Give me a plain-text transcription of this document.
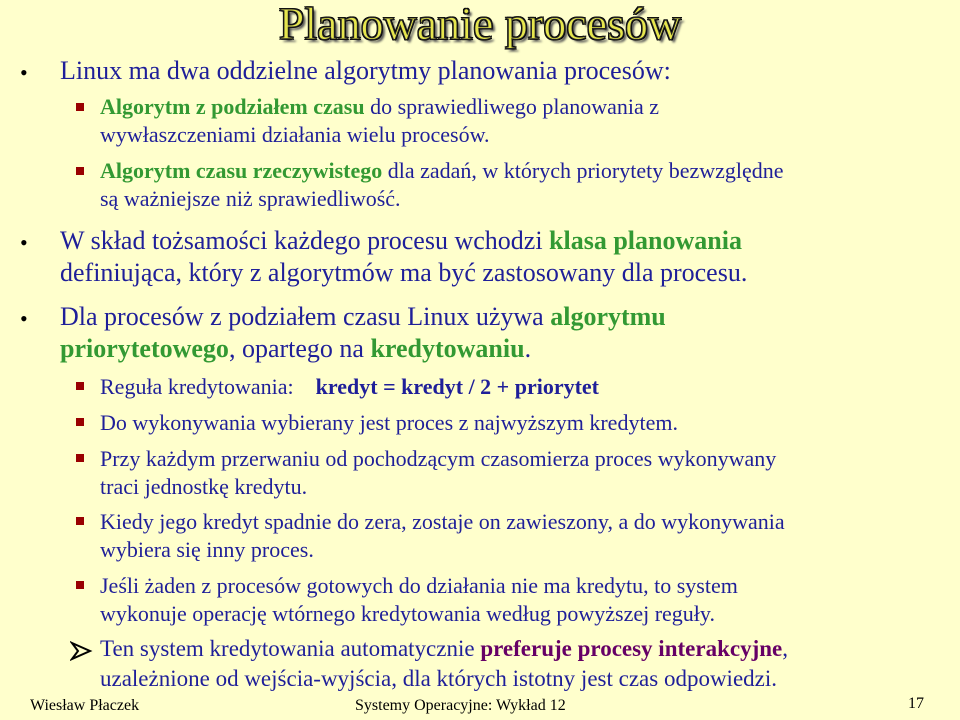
Planowanie procesów
• Linux ma dwa oddzielne algorytmy planowania procesów:
Algorytm z podziałem czasu do sprawiedliwego planowania z
wywłaszczeniami działania wielu procesów.
Algorytm czasu rzeczywistego dla zadań, w których priorytety bezwzględne
są ważniejsze niż sprawiedliwość.
• W skład tożsamości każdego procesu wchodzi klasa planowania
definiująca, który z algorytmów ma być zastosowany dla procesu.
• Dla procesów z podziałem czasu Linux używa algorytmu
priorytetowego, opartego na kredytowaniu.
Reguła kredytowania: kredyt = kredyt / 2 + priorytet
Do wykonywania wybierany jest proces z najwyższym kredytem.
Przy każdym przerwaniu od pochodzącym czasomierza proces wykonywany
traci jednostkę kredytu.
Kiedy jego kredyt spadnie do zera, zostaje on zawieszony, a do wykonywania
wybiera się inny proces.
Jeśli żaden z procesów gotowych do działania nie ma kredytu, to system
wykonuje operację wtórnego kredytowania według powyższej reguły.
Ten system kredytowania automatycznie preferuje procesy interakcyjne,
uzależnione od wejścia-wyjścia, dla których istotny jest czas odpowiedzi.
Wiesław Płaczek	Systemy Operacyjne: Wykład 12	17
